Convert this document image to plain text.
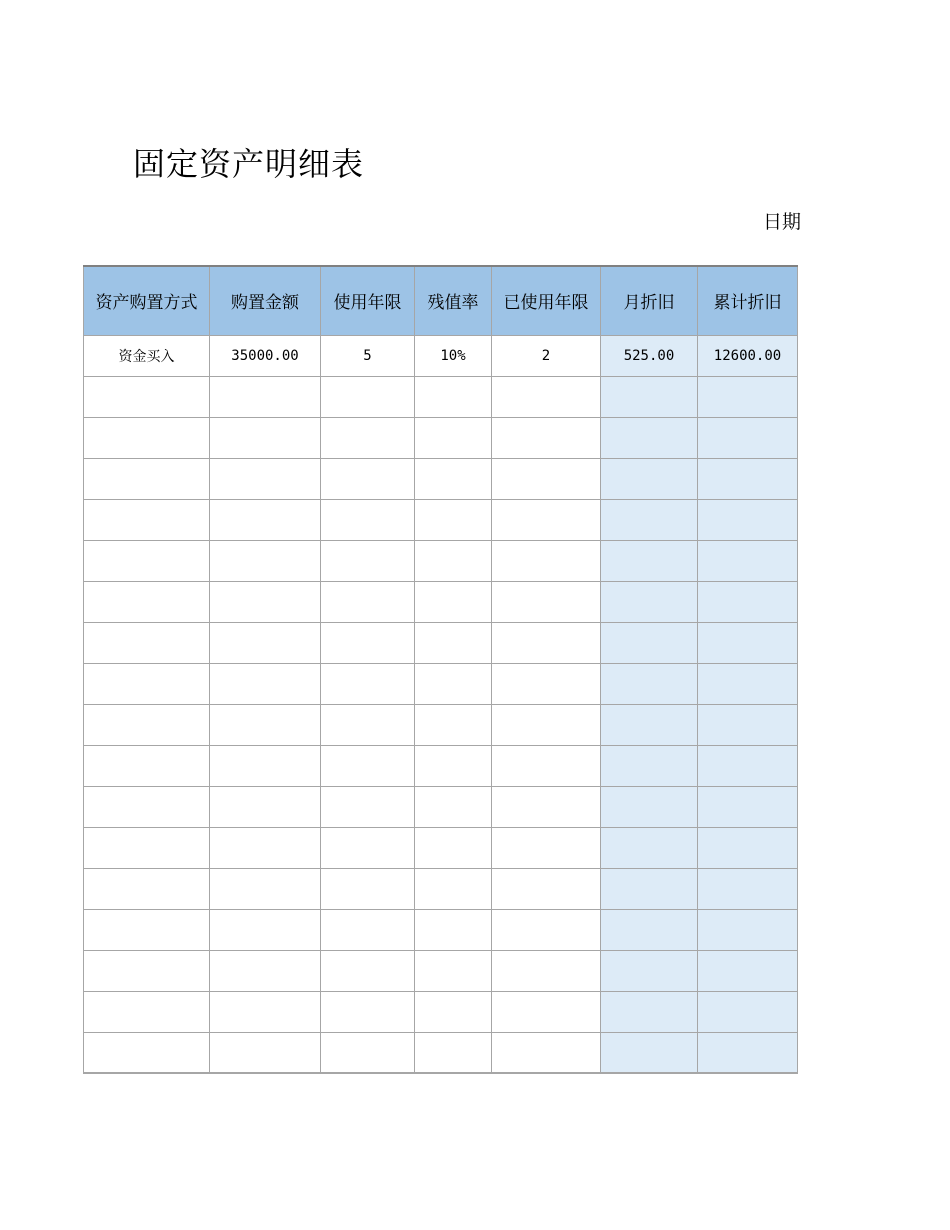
固定资产明细表
日期
资产购置方式	购置金额	使用年限	残值率	已使用年限	月折旧	累计折旧
资金买入	35000.00	5	10%	2	525.00	12600.00
